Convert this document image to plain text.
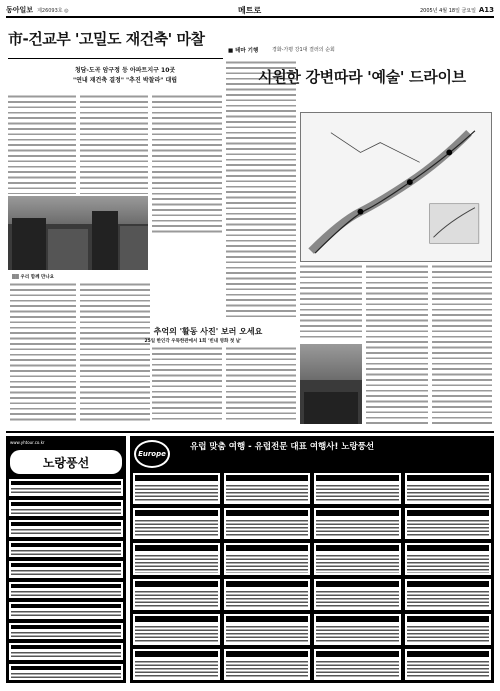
동아일보 제26093호 ◎	메트로	2005년 4월 18일 금요일 A13
市-건교부 '고밀도 재건축' 마찰
청담-도곡 암구정 등 아파트지구 10곳
"연내 재건축 결정" "추진 박찰라" 대립
▒▒ 우리 함께 만나요
추억의 '활동 사진' 보러 오세요
25일 한인각 우뚝한관에서 1회 '빈내 영화 첫 날'
■ 테마 기행	경화-가평 강1대 결러의 순회
시원한 강변따라 '예술' 드라이브
www.yhtour.co.kr
노랑풍선
Europe
유럽 맞춤 여행 - 유럽전문 대표 여행사! 노랑풍선
